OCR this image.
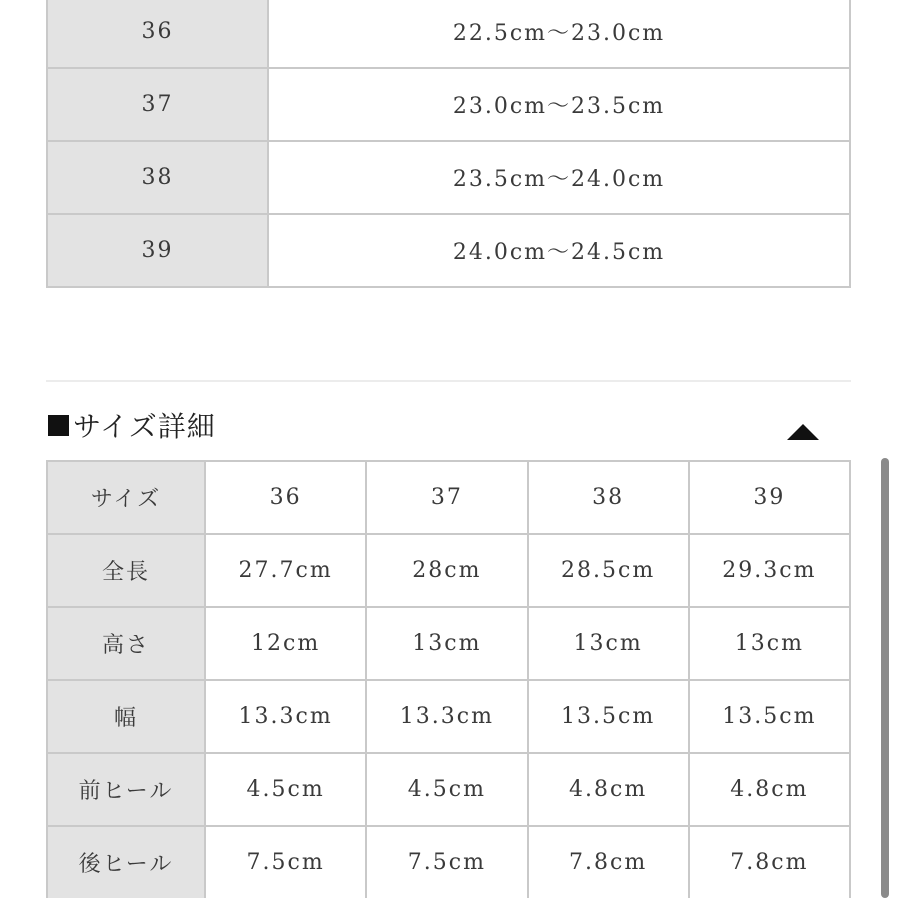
36	22.5cm〜23.0cm
37	23.0cm〜23.5cm
38	23.5cm〜24.0cm
39	24.0cm〜24.5cm
サイズ詳細
サイズ	36	37	38	39
全長	27.7cm	28cm	28.5cm	29.3cm
高さ	12cm	13cm	13cm	13cm
幅	13.3cm	13.3cm	13.5cm	13.5cm
前ヒール	4.5cm	4.5cm	4.8cm	4.8cm
後ヒール	7.5cm	7.5cm	7.8cm	7.8cm
